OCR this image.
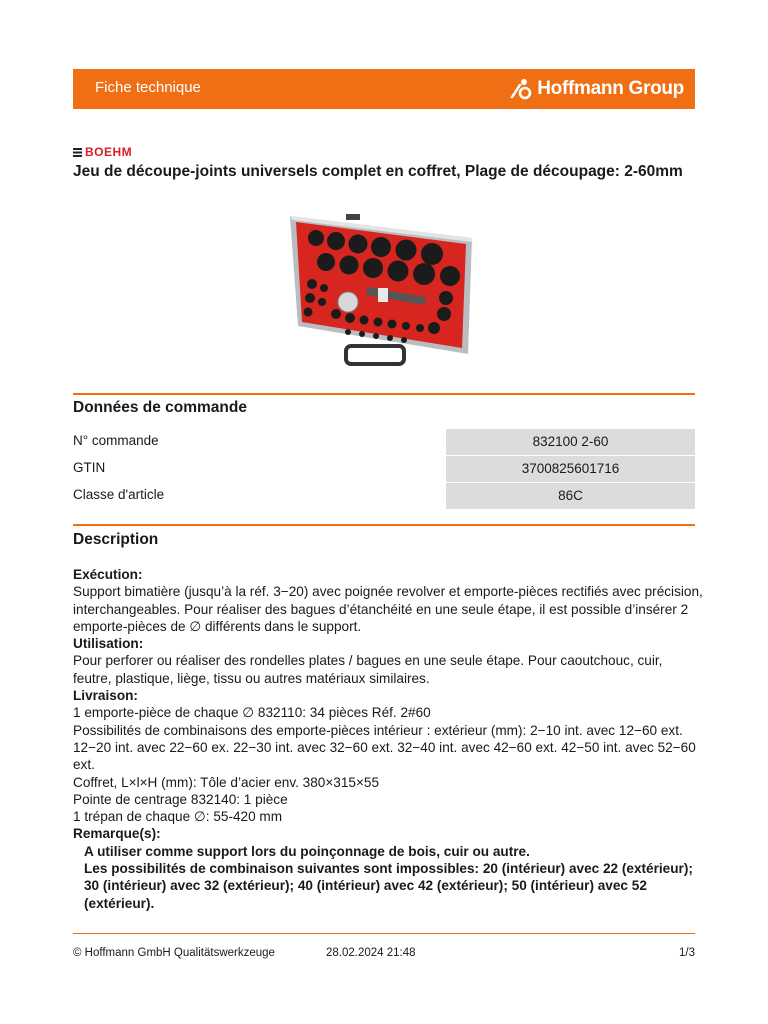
Fiche technique	Hoffmann Group
BOEHM
Jeu de découpe-joints universels complet en coffret, Plage de découpage: 2-60mm
Données de commande
N° commande	832100 2-60
GTIN	3700825601716
Classe d'article	86C
Description

Exécution:

Support bimatière (jusqu’à la réf. 3−20) avec poignée revolver et emporte-pièces rectifiés avec précision, interchangeables. Pour réaliser des bagues d’étanchéité en une seule étape, il est possible d’insérer 2 emporte-pièces de ∅ différents dans le support.

Utilisation:

Pour perforer ou réaliser des rondelles plates / bagues en une seule étape. Pour caoutchouc, cuir, feutre, plastique, liège, tissu ou autres matériaux similaires.

Livraison:

1 emporte-pièce de chaque ∅ 832110: 34 pièces Réf. 2#60

Possibilités de combinaisons des emporte-pièces intérieur : extérieur (mm): 2−10 int. avec 12−60 ext. 12−20 int. avec 22−60 ex. 22−30 int. avec 32−60 ext. 32−40 int. avec 42−60 ext. 42−50 int. avec 52−60 ext.

Coffret, L×l×H (mm): Tôle d’acier env. 380×315×55

Pointe de centrage 832140: 1 pièce

1 trépan de chaque ∅: 55-420 mm

Remarque(s):

A utiliser comme support lors du poinçonnage de bois, cuir ou autre.

Les possibilités de combinaison suivantes sont impossibles: 20 (intérieur) avec 22 (extérieur); 30 (intérieur) avec 32 (extérieur); 40 (intérieur) avec 42 (extérieur); 50 (intérieur) avec 52 (extérieur).

© Hoffmann GmbH Qualitätswerkzeuge	28.02.2024 21:48	1/3
